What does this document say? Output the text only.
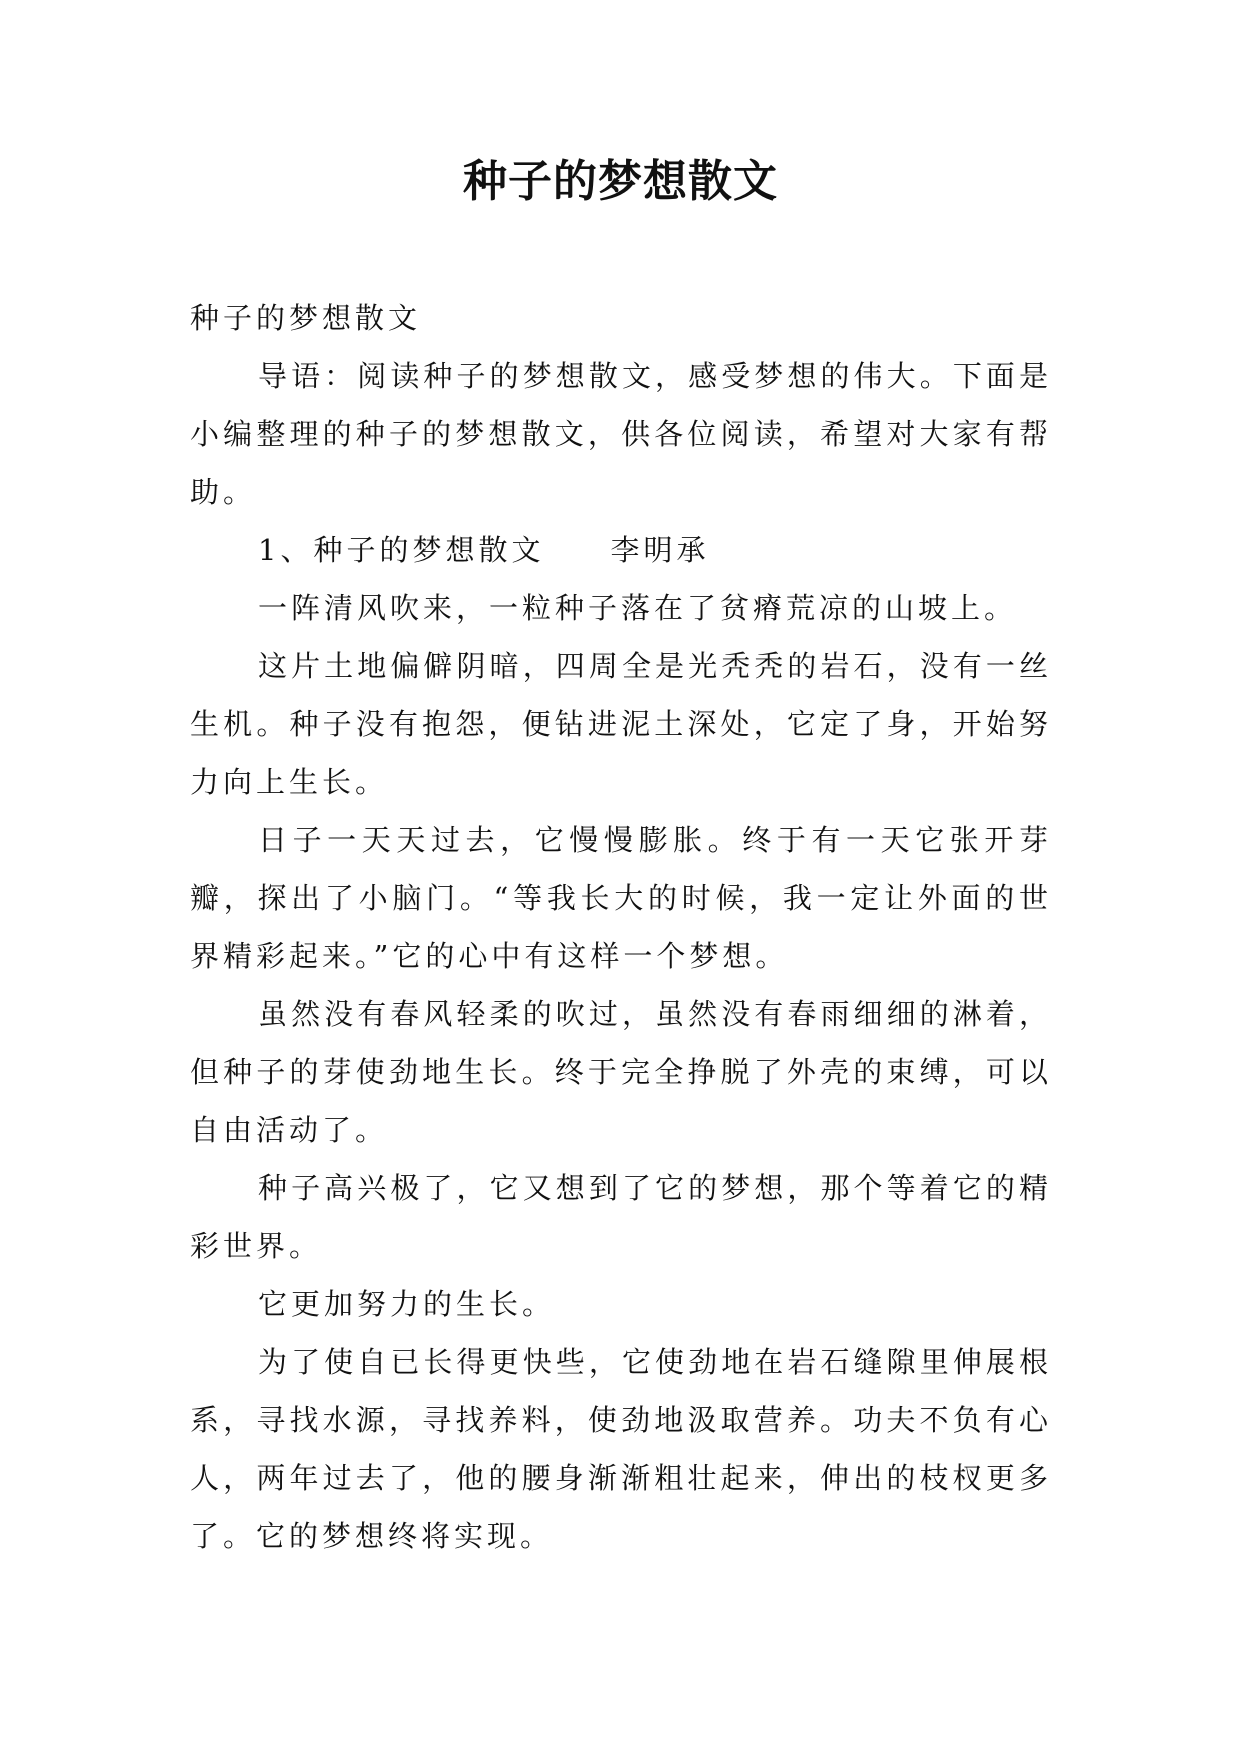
种子的梦想散文

种子的梦想散文

导语：阅读种子的梦想散文，感受梦想的伟大。下面是小编整理的种子的梦想散文，供各位阅读，希望对大家有帮助。

1、种子的梦想散文　　李明承

一阵清风吹来，一粒种子落在了贫瘠荒凉的山坡上。

这片土地偏僻阴暗，四周全是光秃秃的岩石，没有一丝生机。种子没有抱怨，便钻进泥土深处，它定了身，开始努力向上生长。

日子一天天过去，它慢慢膨胀。终于有一天它张开芽瓣，探出了小脑门。“等我长大的时候，我一定让外面的世界精彩起来。”它的心中有这样一个梦想。

虽然没有春风轻柔的吹过，虽然没有春雨细细的淋着，但种子的芽使劲地生长。终于完全挣脱了外壳的束缚，可以自由活动了。

种子高兴极了，它又想到了它的梦想，那个等着它的精彩世界。

它更加努力的生长。

为了使自已长得更快些，它使劲地在岩石缝隙里伸展根系，寻找水源，寻找养料，使劲地汲取营养。功夫不负有心人，两年过去了，他的腰身渐渐粗壮起来，伸出的枝杈更多了。它的梦想终将实现。
